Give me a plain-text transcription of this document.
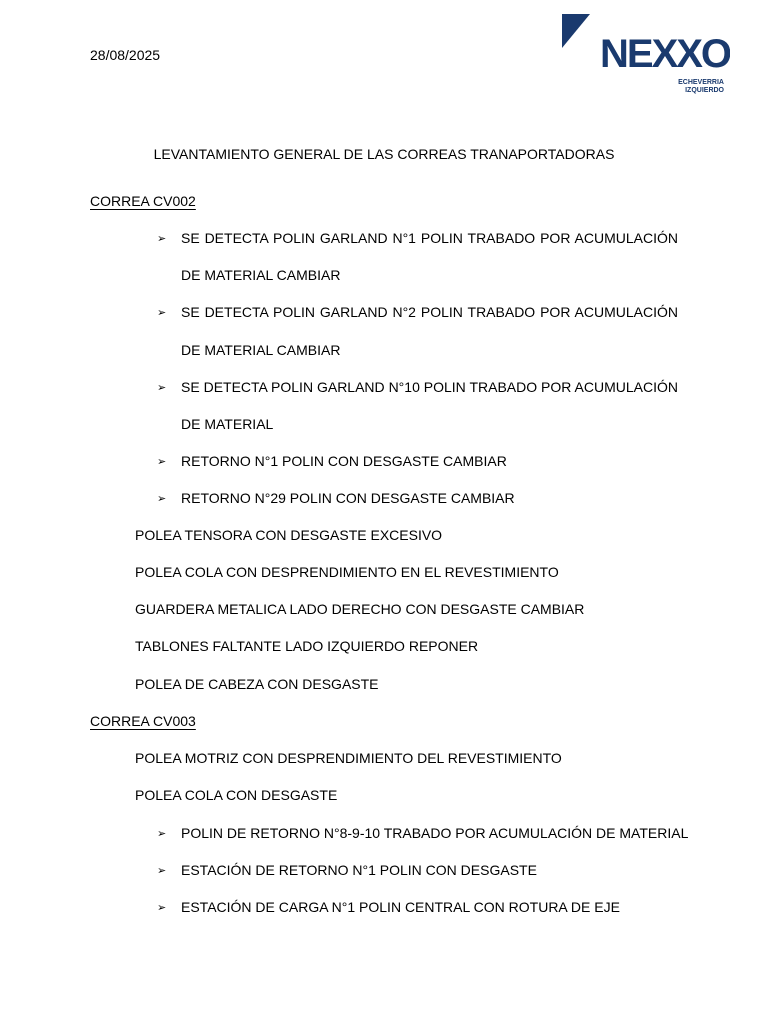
28/08/2025	NEXXO
ECHEVERRIA
IZQUIERDO
LEVANTAMIENTO GENERAL DE LAS CORREAS TRANAPORTADORAS
CORREA CV002
➢ SE DETECTA POLIN GARLAND N°1 POLIN TRABADO POR ACUMULACIÓN
DE MATERIAL CAMBIAR
➢ SE DETECTA POLIN GARLAND N°2 POLIN TRABADO POR ACUMULACIÓN
DE MATERIAL CAMBIAR
➢ SE DETECTA POLIN GARLAND N°10 POLIN TRABADO POR ACUMULACIÓN
DE MATERIAL
➢ RETORNO N°1 POLIN CON DESGASTE CAMBIAR
➢ RETORNO N°29 POLIN CON DESGASTE CAMBIAR
POLEA TENSORA CON DESGASTE EXCESIVO
POLEA COLA CON DESPRENDIMIENTO EN EL REVESTIMIENTO
GUARDERA METALICA LADO DERECHO CON DESGASTE CAMBIAR
TABLONES FALTANTE LADO IZQUIERDO REPONER
POLEA DE CABEZA CON DESGASTE
CORREA CV003
POLEA MOTRIZ CON DESPRENDIMIENTO DEL REVESTIMIENTO
POLEA COLA CON DESGASTE
➢ POLIN DE RETORNO N°8-9-10 TRABADO POR ACUMULACIÓN DE MATERIAL
➢ ESTACIÓN DE RETORNO N°1 POLIN CON DESGASTE
➢ ESTACIÓN DE CARGA N°1 POLIN CENTRAL CON ROTURA DE EJE
